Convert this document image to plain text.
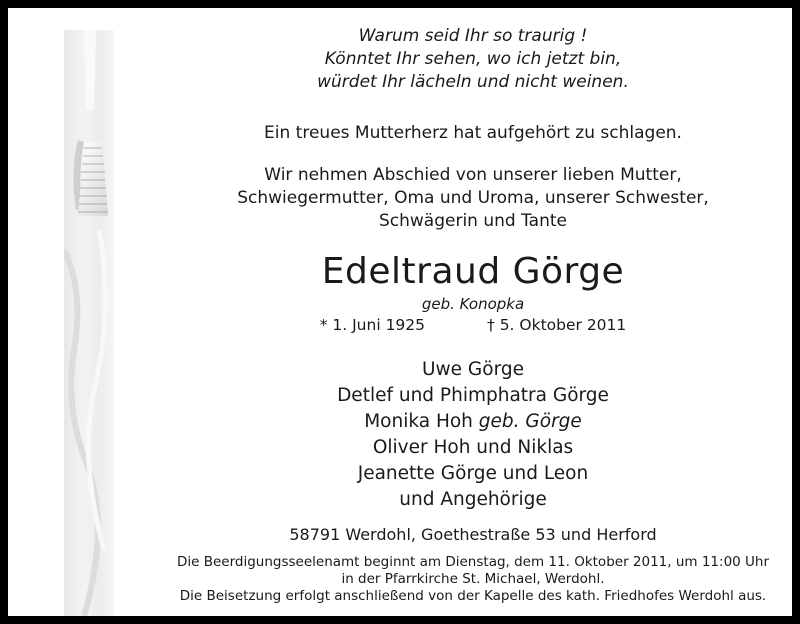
Warum seid Ihr so traurig !
Könntet Ihr sehen, wo ich jetzt bin,
würdet Ihr lächeln und nicht weinen.
Ein treues Mutterherz hat aufgehört zu schlagen.
Wir nehmen Abschied von unserer lieben Mutter,
Schwiegermutter, Oma und Uroma, unserer Schwester,
Schwägerin und Tante
Edeltraud Görge
geb. Konopka
* 1. Juni 1925	† 5. Oktober 2011
Uwe Görge
Detlef und Phimphatra Görge
Monika Hoh geb. Görge
Oliver Hoh und Niklas
Jeanette Görge und Leon
und Angehörige
58791 Werdohl, Goethestraße 53 und Herford
Die Beerdigungsseelenamt beginnt am Dienstag, dem 11. Oktober 2011, um 11:00 Uhr
in der Pfarrkirche St. Michael, Werdohl.
Die Beisetzung erfolgt anschließend von der Kapelle des kath. Friedhofes Werdohl aus.
